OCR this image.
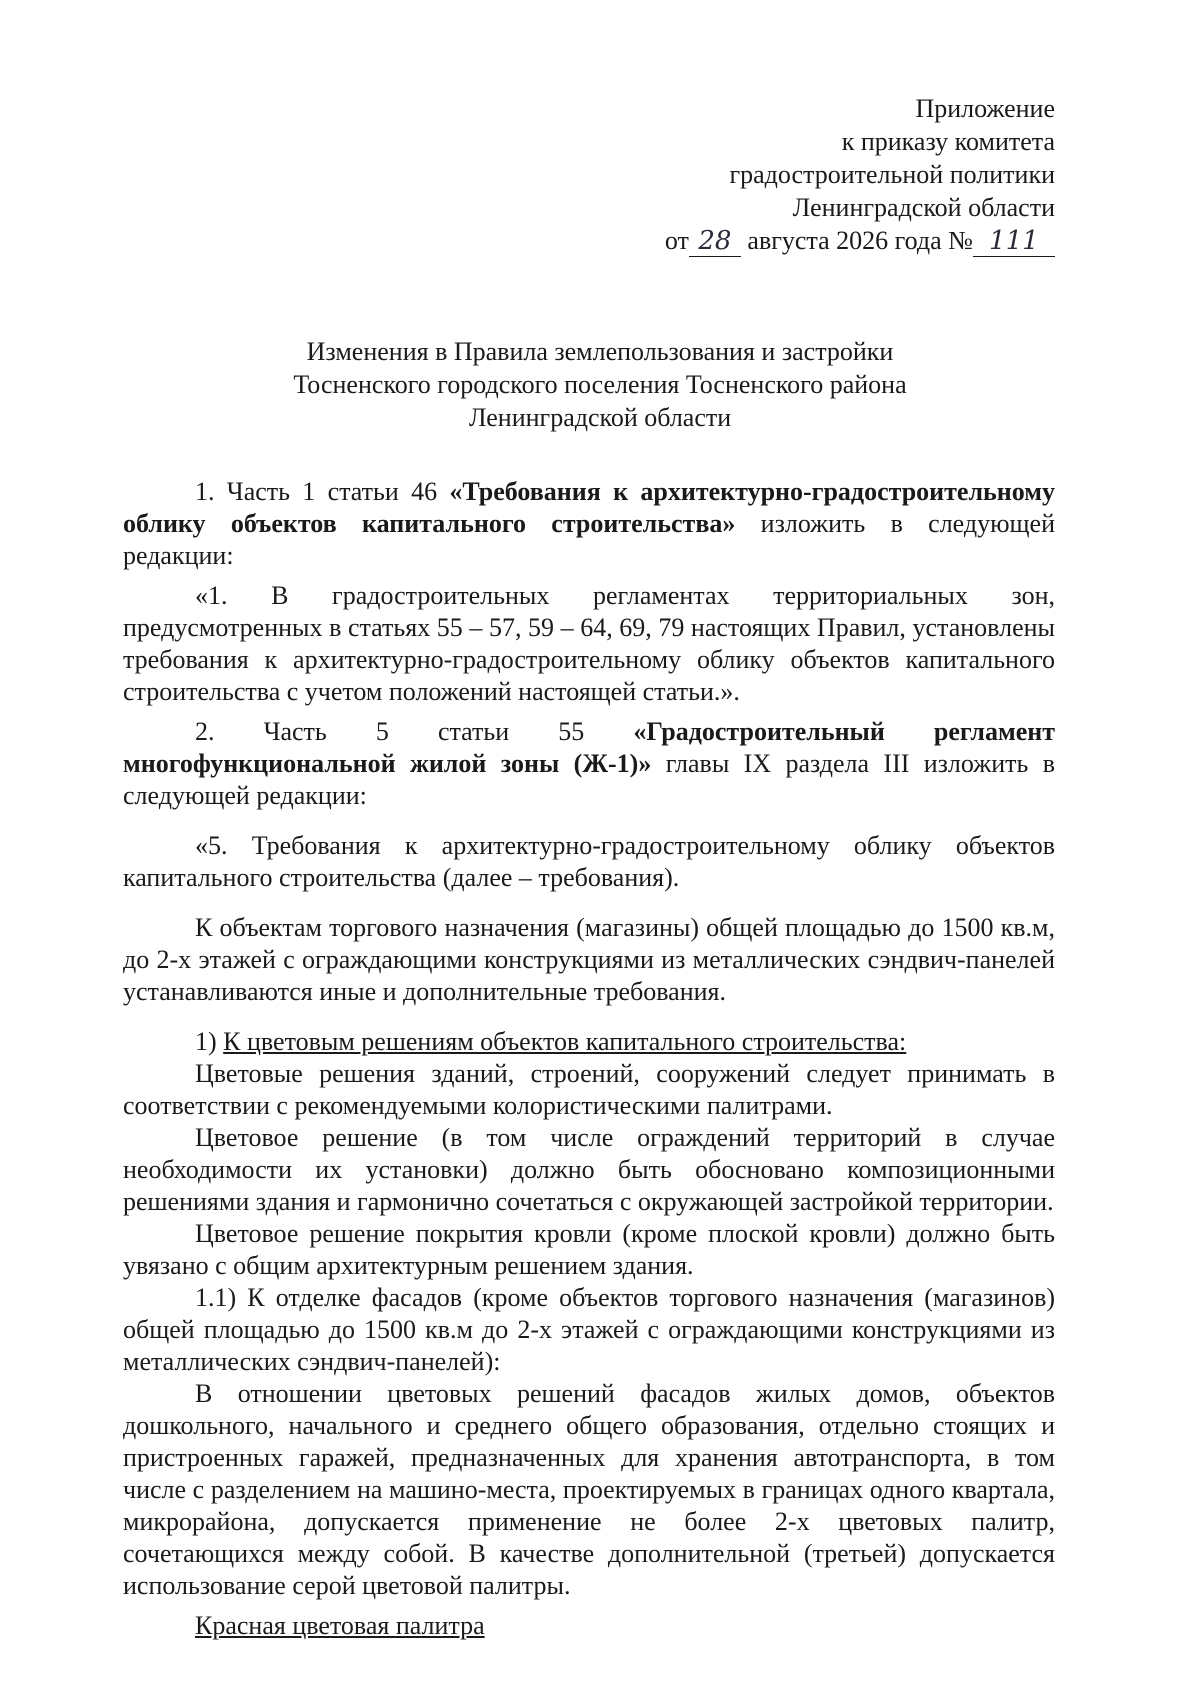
Приложение
к приказу комитета
градостроительной политики
Ленинградской области
от 28 августа 2026 года № 111
Изменения в Правила землепользования и застройки
Тосненского городского поселения Тосненского района
Ленинградской области

1. Часть 1 статьи 46 «Требования к архитектурно-градостроительному облику объектов капитального строительства» изложить в следующей редакции:

«1. В градостроительных регламентах территориальных зон, предусмотренных в статьях 55 – 57, 59 – 64, 69, 79 настоящих Правил, установлены требования к архитектурно-градостроительному облику объектов капитального строительства с учетом положений настоящей статьи.».

2. Часть 5 статьи 55 «Градостроительный регламент многофункциональной жилой зоны (Ж-1)» главы IX раздела III изложить в следующей редакции:

«5. Требования к архитектурно-градостроительному облику объектов капитального строительства (далее – требования).

К объектам торгового назначения (магазины) общей площадью до 1500 кв.м, до 2-х этажей с ограждающими конструкциями из металлических сэндвич-панелей устанавливаются иные и дополнительные требования.

1) К цветовым решениям объектов капитального строительства:

Цветовые решения зданий, строений, сооружений следует принимать в соответствии с рекомендуемыми колористическими палитрами.

Цветовое решение (в том числе ограждений территорий в случае необходимости их установки) должно быть обосновано композиционными решениями здания и гармонично сочетаться с окружающей застройкой территории.

Цветовое решение покрытия кровли (кроме плоской кровли) должно быть увязано с общим архитектурным решением здания.

1.1) К отделке фасадов (кроме объектов торгового назначения (магазинов) общей площадью до 1500 кв.м до 2-х этажей с ограждающими конструкциями из металлических сэндвич-панелей):

В отношении цветовых решений фасадов жилых домов, объектов дошкольного, начального и среднего общего образования, отдельно стоящих и пристроенных гаражей, предназначенных для хранения автотранспорта, в том числе с разделением на машино-места, проектируемых в границах одного квартала, микрорайона, допускается применение не более 2-х цветовых палитр, сочетающихся между собой. В качестве дополнительной (третьей) допускается использование серой цветовой палитры.

Красная цветовая палитра
